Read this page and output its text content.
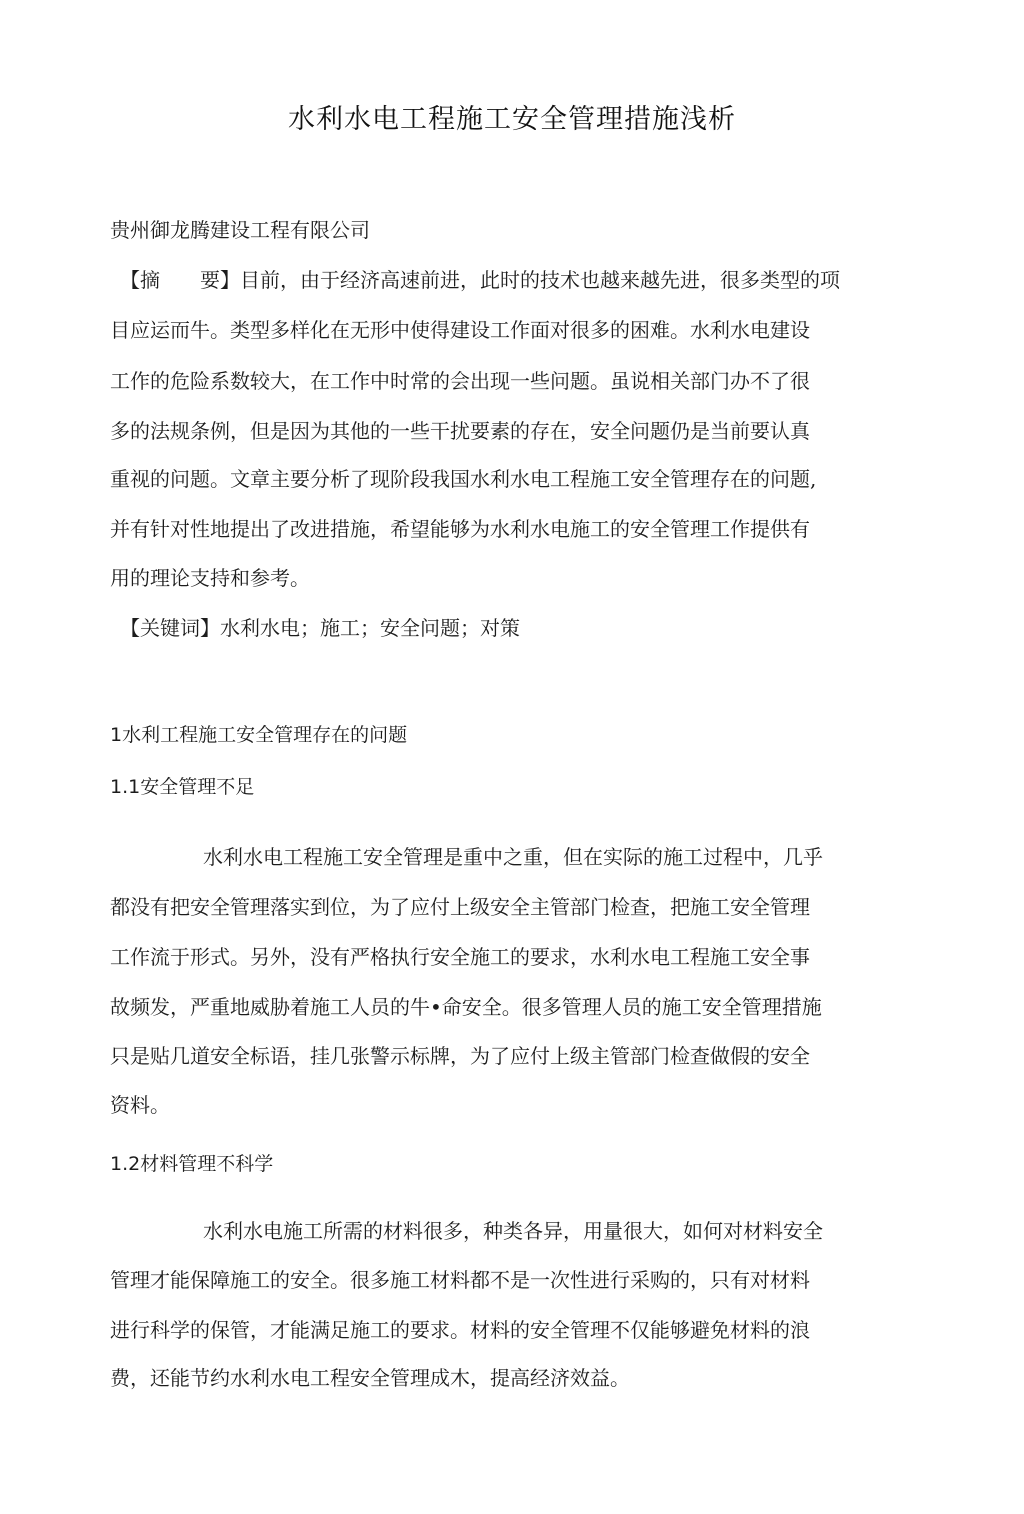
水利水电工程施工安全管理措施浅析
贵州御龙腾建设工程有限公司
【摘　　要】目前，由于经济高速前进，此时的技术也越来越先进，很多类型的项
目应运而牛。类型多样化在无形中使得建设工作面对很多的困难。水利水电建设
工作的危险系数较大，在工作中时常的会出现一些问题。虽说相关部门办不了很
多的法规条例，但是因为其他的一些干扰要素的存在，安全问题仍是当前要认真
重视的问题。文章主要分析了现阶段我国水利水电工程施工安全管理存在的问题,
并有针对性地提出了改进措施，希望能够为水利水电施工的安全管理工作提供有
用的理论支持和参考。
【关键词】水利水电；施工；安全问题；对策
1水利工程施工安全管理存在的问题
1.1安全管理不足
水利水电工程施工安全管理是重中之重，但在实际的施工过程中，几乎
都没有把安全管理落实到位，为了应付上级安全主管部门检查，把施工安全管理
工作流于形式。另外，没有严格执行安全施工的要求，水利水电工程施工安全事
故频发，严重地威胁着施工人员的牛•命安全。很多管理人员的施工安全管理措施
只是贴几道安全标语，挂几张警示标牌，为了应付上级主管部门检查做假的安全
资料。
1.2材料管理不科学
水利水电施工所需的材料很多，种类各异，用量很大，如何对材料安全
管理才能保障施工的安全。很多施工材料都不是一次性进行采购的，只有对材料
进行科学的保管，才能满足施工的要求。材料的安全管理不仅能够避免材料的浪
费，还能节约水利水电工程安全管理成木，提高经济效益。
